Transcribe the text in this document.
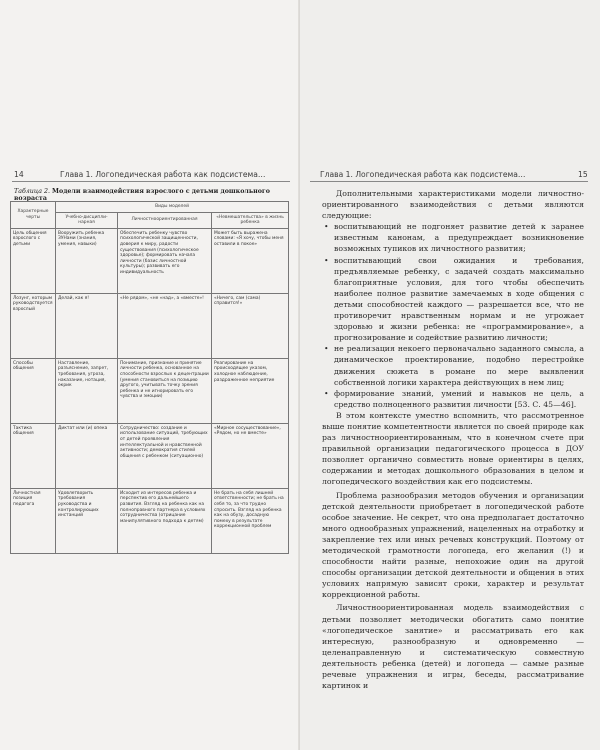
14	Глава 1. Логопедическая работа как подсистема…
Таблица 2. Модели взаимодействия взрослого с детьми дошкольного возраста
Характерные черты	Виды моделей		
	Учебно-дисципли-нарная	Личностноориентированная	«Невмешательства» в жизнь ребенка
Цель общения взрослого с детьми	Вооружить ребенка ЗУНами (знания, умения, навыки)	Обеспечить ребенку чувство психологической защищенности, доверия к миру, радости существования (психологическое здоровье); формировать начала личности (базис личностной культуры); развивать его индивидуальность	Может быть выражена словами: «Я хочу, чтобы меня оставили в покое»
Лозунг, которым руководствуется взрослый	Делай, как я!	«Не рядом», «не «над», а «вместе»!	«Ничего, сам (сама) справится!»
Способы общения	Наставление, разъяснение, запрет, требования, угроза, наказание, нотация, окрик	Понимание, признание и принятие личности ребенка, основанное на способности взрослых к децентрации (умения становиться на позицию другого, учитывать точку зрения ребенка и не игнорировать его чувства и эмоции)	Реагирование на происходящее указом, холодное наблюдение, раздраженное неприятие
Тактика общения	Диктат или (и) опека	Сотрудничество: создание и использование ситуаций, требующих от детей проявления интеллектуальной и нравственной активности; демократия стилей общения с ребенком (ситуационно)	«Мирное сосуществование», «Рядом, но не вместе»
Личностная позиция педагога	Удовлетворить требования руководства и контролирующих инстанций	Исходит из интересов ребенка и перспектив его дальнейшего развития. Взгляд на ребенка как на полноправного партнера в условиях сотрудничества (отрицание манипулятивного подхода к детям)	Не брать на себя лишней ответственности; не брать на себя то, за что трудно спросить. Взгляд на ребенка как на обузу, досадную помеху в результате коррекционной проблем
Глава 1. Логопедическая работа как подсистема…	15

Дополнительными характеристиками модели личностно-ориентированного взаимодействия с детьми являются следующие:

• воспитывающий не подгоняет развитие детей к заранее известным канонам, а предупреждает возникновение возможных тупиков их личностного развития;
• воспитывающий свои ожидания и требования, предъявляемые ребенку, с задачей создать максимально благоприятные условия, для того чтобы обеспечить наиболее полное развитие замечаемых в ходе общения с детьми способностей каждого — разрешается все, что не противоречит нравственным нормам и не угрожает здоровью и жизни ребенка: не «программирование», а прогнозирование и содействие развитию личности;
• не реализация некоего первоначально заданного смысла, а динамическое проектирование, подобно перестройке движения сюжета в романе по мере выявления собственной логики характера действующих в нем лиц;
• формирование знаний, умений и навыков не цель, а средство полноценного развития личности [53. С. 45—46].

В этом контексте уместно вспомнить, что рассмотренное выше понятие компетентности является по своей природе как раз личностноориентированным, что в конечном счете при правильной организации педагогического процесса в ДОУ позволяет органично совместить новые ориентиры в целях, содержании и методах дошкольного образования в целом и логопедического воздействия как его подсистемы.

Проблема разнообразия методов обучения и организации детской деятельности приобретает в логопедической работе особое значение. Не секрет, что она предполагает достаточно много однообразных упражнений, нацеленных на отработку и закрепление тех или иных речевых конструкций. Поэтому от методической грамотности логопеда, его желания (!) и способности найти разные, непохожие один на другой способы организации детской деятельности и общения в этих условиях напрямую зависят сроки, характер и результат коррекционной работы.

Личностноориентированная модель взаимодействия с детьми позволяет методически обогатить само понятие «логопедическое занятие» и рассматривать его как интересную, разнообразную и одновременно — целенаправленную и систематическую совместную деятельность ребенка (детей) и логопеда — самые разные речевые упражнения и игры, беседы, рассматривание картинок и
